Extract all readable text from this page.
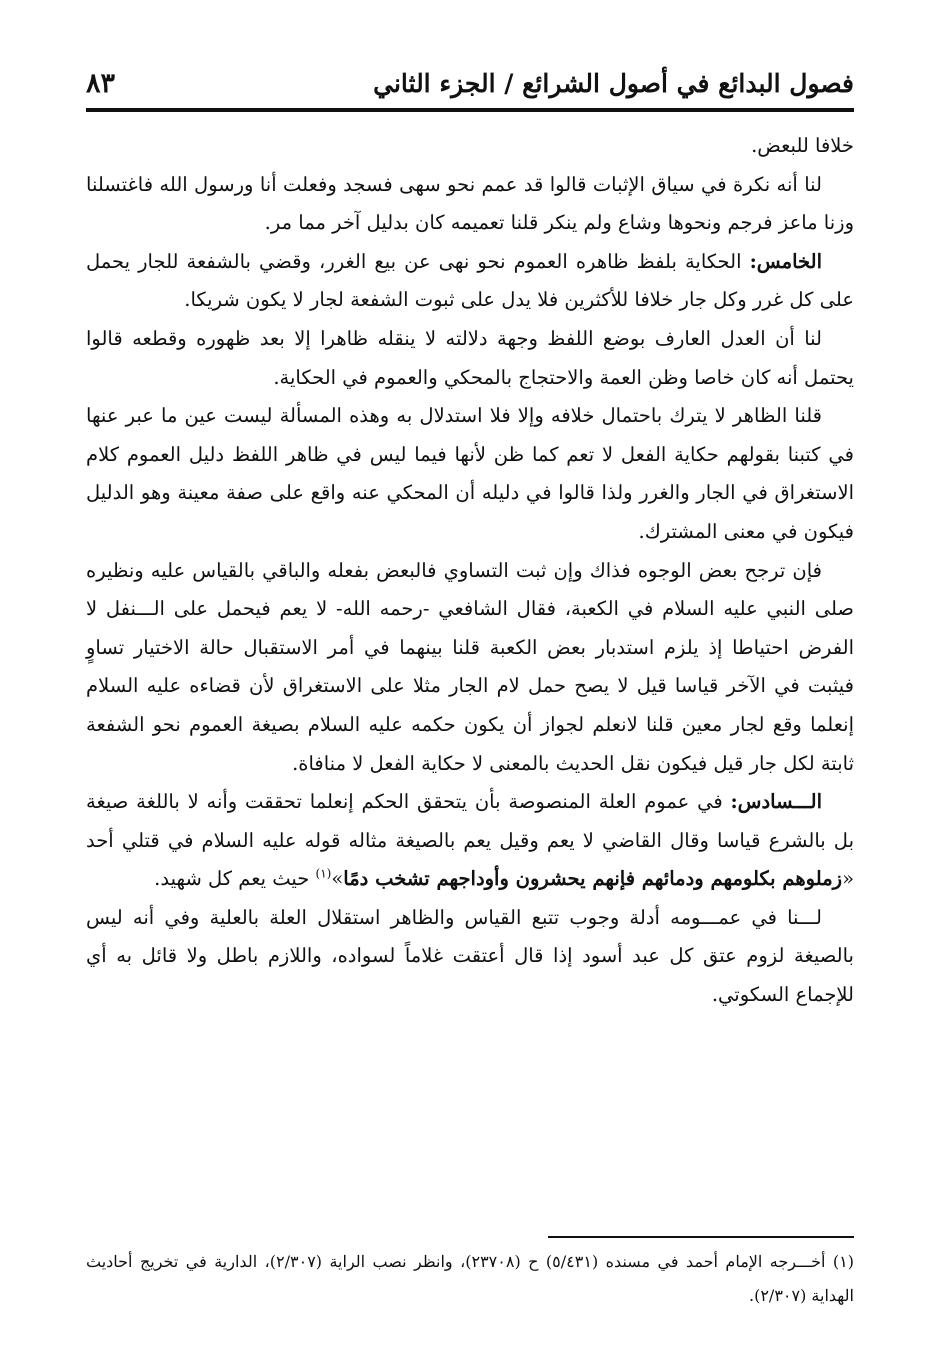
٨٣	فصول البدائع في أصول الشرائع / الجزء الثاني

خلافا للبعض.

لنا أنه نكرة في سياق الإثبات قالوا قد عمم نحو سهى فسجد وفعلت أنا ورسول الله فاغتسلنا وزنا ماعز فرجم ونحوها وشاع ولم ينكر قلنا تعميمه كان بدليل آخر مما مر.

الخامس: الحكاية بلفظ ظاهره العموم نحو نهى عن بيع الغرر، وقضي بالشفعة للجار يحمل على كل غرر وكل جار خلافا للأكثرين فلا يدل على ثبوت الشفعة لجار لا يكون شريكا.

لنا أن العدل العارف بوضع اللفظ وجهة دلالته لا ينقله ظاهرا إلا بعد ظهوره وقطعه قالوا يحتمل أنه كان خاصا وظن العمة والاحتجاج بالمحكي والعموم في الحكاية.

قلنا الظاهر لا يترك باحتمال خلافه وإلا فلا استدلال به وهذه المسألة ليست عين ما عبر عنها في كتبنا بقولهم حكاية الفعل لا تعم كما ظن لأنها فيما ليس في ظاهر اللفظ دليل العموم كلام الاستغراق في الجار والغرر ولذا قالوا في دليله أن المحكي عنه واقع على صفة معينة وهو الدليل فيكون في معنى المشترك.

فإن ترجح بعض الوجوه فذاك وإن ثبت التساوي فالبعض بفعله والباقي بالقياس عليه ونظيره صلى النبي عليه السلام في الكعبة، فقال الشافعي -رحمه الله- لا يعم فيحمل على الـــنفل لا الفرض احتياطا إذ يلزم استدبار بعض الكعبة قلنا بينهما في أمر الاستقبال حالة الاختيار تساوٍ فيثبت في الآخر قياسا قيل لا يصح حمل لام الجار مثلا على الاستغراق لأن قضاءه عليه السلام إنعلما وقع لجار معين قلنا لانعلم لجواز أن يكون حكمه عليه السلام بصيغة العموم نحو الشفعة ثابتة لكل جار قيل فيكون نقل الحديث بالمعنى لا حكاية الفعل لا منافاة.

الـــسادس: في عموم العلة المنصوصة بأن يتحقق الحكم إنعلما تحققت وأنه لا باللغة صيغة بل بالشرع قياسا وقال القاضي لا يعم وقيل يعم بالصيغة مثاله قوله عليه السلام في قتلي أحد «زملوهم بكلومهم ودمائهم فإنهم يحشرون وأوداجهم تشخب دمًا»$^{(١)}$ حيث يعم كل شهيد.

لـــنا في عمـــومه أدلة وجوب تتبع القياس والظاهر استقلال العلة بالعلية وفي أنه ليس بالصيغة لزوم عتق كل عبد أسود إذا قال أعتقت غلاماً لسواده، واللازم باطل ولا قائل به أي للإجماع السكوتي.

(١) أخـــرجه الإمام أحمد في مسنده (٥/٤٣١) ح (٢٣٧٠٨)، وانظر نصب الراية (٢/٣٠٧)، الدارية في تخريج أحاديث الهداية (٢/٣٠٧).
